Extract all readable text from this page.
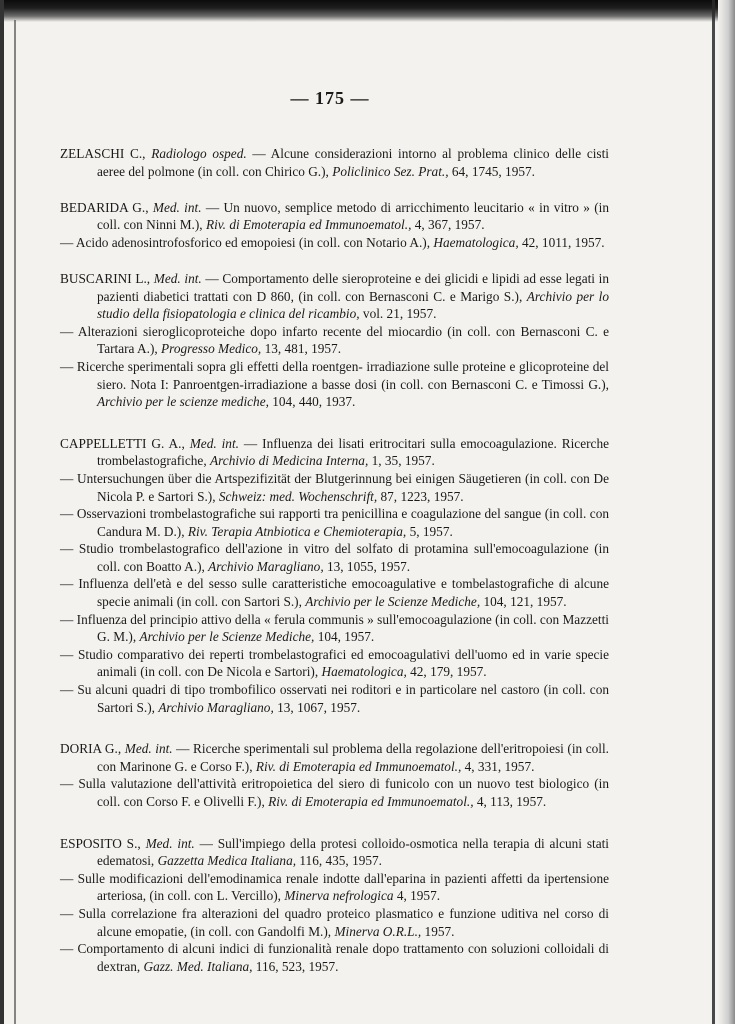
— 175 —

ZELASCHI C., Radiologo osped. — Alcune considerazioni intorno al problema clinico delle cisti aeree del polmone (in coll. con Chirico G.), Policlinico Sez. Prat., 64, 1745, 1957.

BEDARIDA G., Med. int. — Un nuovo, semplice metodo di arricchimento leucitario « in vitro » (in coll. con Ninni M.), Riv. di Emoterapia ed Immunoematol., 4, 367, 1957.

— Acido adenosintrofosforico ed emopoiesi (in coll. con Notario A.), Haematologica, 42, 1011, 1957.

BUSCARINI L., Med. int. — Comportamento delle sieroproteine e dei glicidi e lipidi ad esse legati in pazienti diabetici trattati con D 860, (in coll. con Bernasconi C. e Marigo S.), Archivio per lo studio della fisiopatologia e clinica del ricambio, vol. 21, 1957.

— Alterazioni sieroglicoproteiche dopo infarto recente del miocardio (in coll. con Bernasconi C. e Tartara A.), Progresso Medico, 13, 481, 1957.

— Ricerche sperimentali sopra gli effetti della roentgen- irradiazione sulle proteine e glicoproteine del siero. Nota I: Panroentgen-irradiazione a basse dosi (in coll. con Bernasconi C. e Timossi G.), Archivio per le scienze mediche, 104, 440, 1937.

CAPPELLETTI G. A., Med. int. — Influenza dei lisati eritrocitari sulla emocoagulazione. Ricerche trombelastografiche, Archivio di Medicina Interna, 1, 35, 1957.

— Untersuchungen über die Artspezifizität der Blutgerinnung bei einigen Säugetieren (in coll. con De Nicola P. e Sartori S.), Schweiz: med. Wochenschrift, 87, 1223, 1957.

— Osservazioni trombelastografiche sui rapporti tra penicillina e coagulazione del sangue (in coll. con Candura M. D.), Riv. Terapia Atnbiotica e Chemioterapia, 5, 1957.

— Studio trombelastografico dell'azione in vitro del solfato di protamina sull'emocoagulazione (in coll. con Boatto A.), Archivio Maragliano, 13, 1055, 1957.

— Influenza dell'età e del sesso sulle caratteristiche emocoagulative e tombelastografiche di alcune specie animali (in coll. con Sartori S.), Archivio per le Scienze Mediche, 104, 121, 1957.

— Influenza del principio attivo della « ferula communis » sull'emocoagulazione (in coll. con Mazzetti G. M.), Archivio per le Scienze Mediche, 104, 1957.

— Studio comparativo dei reperti trombelastografici ed emocoagulativi dell'uomo ed in varie specie animali (in coll. con De Nicola e Sartori), Haematologica, 42, 179, 1957.

— Su alcuni quadri di tipo trombofilico osservati nei roditori e in particolare nel castoro (in coll. con Sartori S.), Archivio Maragliano, 13, 1067, 1957.

DORIA G., Med. int. — Ricerche sperimentali sul problema della regolazione dell'eritropoiesi (in coll. con Marinone G. e Corso F.), Riv. di Emoterapia ed Immunoematol., 4, 331, 1957.

— Sulla valutazione dell'attività eritropoietica del siero di funicolo con un nuovo test biologico (in coll. con Corso F. e Olivelli F.), Riv. di Emoterapia ed Immunoematol., 4, 113, 1957.

ESPOSITO S., Med. int. — Sull'impiego della protesi colloido-osmotica nella terapia di alcuni stati edematosi, Gazzetta Medica Italiana, 116, 435, 1957.

— Sulle modificazioni dell'emodinamica renale indotte dall'eparina in pazienti affetti da ipertensione arteriosa, (in coll. con L. Vercillo), Minerva nefrologica 4, 1957.

— Sulla correlazione fra alterazioni del quadro proteico plasmatico e funzione uditiva nel corso di alcune emopatie, (in coll. con Gandolfi M.), Minerva O.R.L., 1957.

— Comportamento di alcuni indici di funzionalità renale dopo trattamento con soluzioni colloidali di dextran, Gazz. Med. Italiana, 116, 523, 1957.
